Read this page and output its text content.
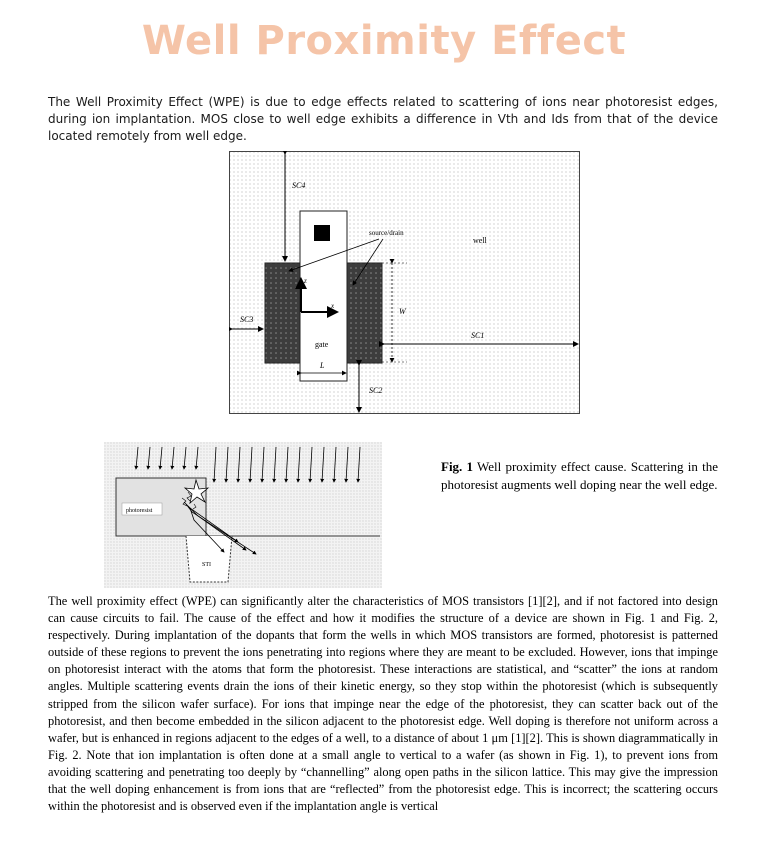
Well Proximity Effect

The Well Proximity Effect (WPE) is due to edge effects related to scattering of ions near photoresist edges, during ion implantation. MOS close to well edge exhibits a difference in Vth and Ids from that of the device located remotely from well edge.

SC4
SC3
SC1
SC2
W
L
gate
x
z
source/drain
well
photoresist
STI

Fig. 1 Well proximity effect cause. Scattering in the photoresist augments well doping near the well edge.

The well proximity effect (WPE) can significantly alter the characteristics of MOS transistors [1][2], and if not factored into design can cause circuits to fail. The cause of the effect and how it modifies the structure of a device are shown in Fig. 1 and Fig. 2, respectively. During implantation of the dopants that form the wells in which MOS transistors are formed, photoresist is patterned outside of these regions to prevent the ions penetrating into regions where they are meant to be excluded. However, ions that impinge on photoresist interact with the atoms that form the photoresist. These interactions are statistical, and “scatter” the ions at random angles. Multiple scattering events drain the ions of their kinetic energy, so they stop within the photoresist (which is subsequently stripped from the silicon wafer surface). For ions that impinge near the edge of the photoresist, they can scatter back out of the photoresist, and then become embedded in the silicon adjacent to the photoresist edge. Well doping is therefore not uniform across a wafer, but is enhanced in regions adjacent to the edges of a well, to a distance of about 1 μm [1][2]. This is shown diagrammatically in Fig. 2. Note that ion implantation is often done at a small angle to vertical to a wafer (as shown in Fig. 1), to prevent ions from avoiding scattering and penetrating too deeply by “channelling” along open paths in the silicon lattice. This may give the impression that the well doping enhancement is from ions that are “reflected” from the photoresist edge. This is incorrect; the scattering occurs within the photoresist and is observed even if the implantation angle is vertical
